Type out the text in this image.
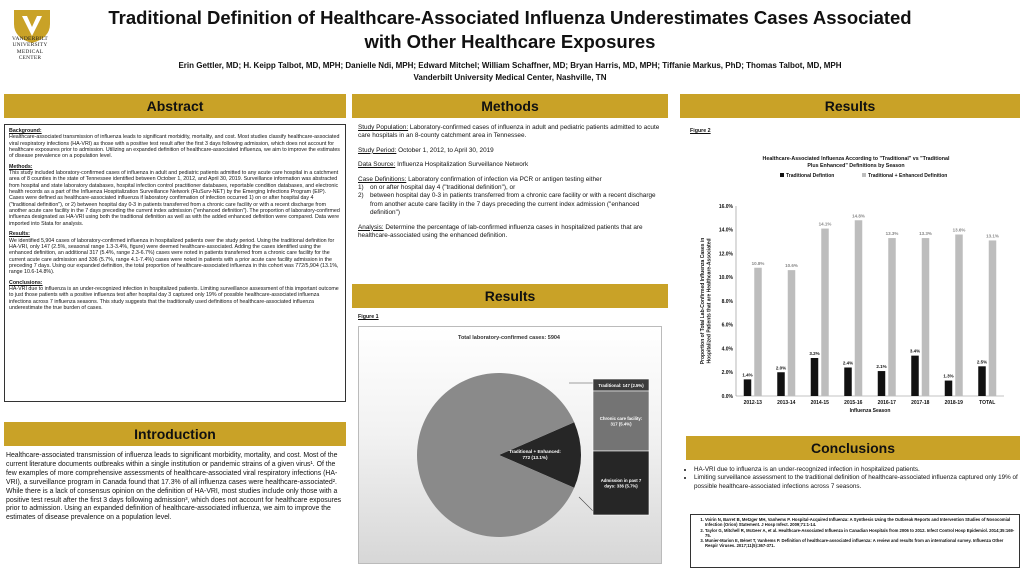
VANDERBILT
UNIVERSITY
MEDICAL
CENTER
Traditional Definition of Healthcare-Associated Influenza Underestimates Cases Associated
with Other Healthcare Exposures
Erin Gettler, MD; H. Keipp Talbot, MD, MPH; Danielle Ndi, MPH; Edward Mitchel; William Schaffner, MD; Bryan Harris, MD, MPH; Tiffanie Markus, PhD; Thomas Talbot, MD, MPH
Vanderbilt University Medical Center, Nashville, TN
Abstract	Methods	Results
Introduction
Results
Conclusions
Background:

Healthcare-associated transmission of influenza leads to significant morbidity, mortality, and cost. Most studies classify healthcare-associated viral respiratory infections (HA-VRI) as those with a positive test result after the first 3 days following admission, which does not account for healthcare exposures prior to admission. Utilizing an expanded definition of healthcare-associated influenza, we aim to improve the estimates of disease prevalence on a population level.

Methods:

This study included laboratory-confirmed cases of influenza in adult and pediatric patients admitted to any acute care hospital in a catchment area of 8 counties in the state of Tennessee identified between October 1, 2012, and April 30, 2019. Surveillance information was abstracted from hospital and state laboratory databases, hospital infection control practitioner databases, reportable condition databases, and electronic health records as a part of the Influenza Hospitalization Surveillance Network (FluSurv-NET) by the Emerging Infections Program (EIP). Cases were defined as healthcare-associated influenza if laboratory confirmation of infection occurred 1) on or after hospital day 4 ("traditional definition"), or 2) between hospital day 0-3 in patients transferred from a chronic care facility or with a recent discharge from another acute care facility in the 7 days preceding the current index admission ("enhanced definition"). The proportion of laboratory-confirmed influenza designated as HA-VRI using both the traditional definition as well as with the added enhanced definition were compared. Data were imported into Stata for analysis.

Results:

We identified 5,904 cases of laboratory-confirmed influenza in hospitalized patients over the study period. Using the traditional definition for HA-VRI, only 147 (2.5%, seasonal range 1.3-3.4%, figure) were deemed healthcare-associated. Adding the cases identified using the enhanced definition, an additional 317 (5.4%, range 2.3-6.7%) cases were noted in patients transferred from a chronic care facility for the current acute care admission and 336 (5.7%, range 4.1-7.4%) cases were noted in patients with a prior acute care facility admission in the preceding 7 days. Using our expanded definition, the total proportion of healthcare-associated influenza in this cohort was 772/5,904 (13.1%, range 10.6-14.8%).

Conclusions:

HA-VRI due to influenza is an under-recognized infection in hospitalized patients. Limiting surveillance assessment of this important outcome to just those patients with a positive influenza test after hospital day 3 captured only 19% of possible healthcare-associated influenza infections across 7 influenza seasons. This study suggests that the traditionally used definitions of healthcare-associated influenza underestimate the true burden of cases.

Healthcare-associated transmission of influenza leads to significant morbidity, mortality, and cost. Most of the current literature documents outbreaks within a single institution or pandemic strains of a given virus¹. Of the few examples of more comprehensive assessments of healthcare-associated viral respiratory infections (HA-VRI), a surveillance program in Canada found that 17.3% of all influenza cases were healthcare-associated². While there is a lack of consensus opinion on the definition of HA-VRI, most studies include only those with a positive test result after the first 3 days following admission³, which does not account for healthcare exposures prior to admission. Using an expanded definition of healthcare-associated influenza, we aim to improve the estimates of disease prevalence on a population level.
Study Population: Laboratory-confirmed cases of influenza in adult and pediatric patients admitted to acute care hospitals in an 8-county catchment area in Tennessee.
Study Period: October 1, 2012, to April 30, 2019
Data Source: Influenza Hospitalization Surveillance Network
Case Definitions: Laboratory confirmation of infection via PCR or antigen testing either
1) on or after hospital day 4 ("traditional definition"), or
2) between hospital day 0-3 in patients transferred from a chronic care facility or with a recent discharge from another acute care facility in the 7 days preceding the current index admission ("enhanced definition")
Analysis: Determine the percentage of lab-confirmed influenza cases in hospitalized patients that are healthcare-associated using the enhanced definition.
Figure 1
Total laboratory-confirmed cases: 5904
Traditional + Enhanced: 772 (13.1%)
Traditional: 147 (2.5%)
Chronic care facility: 317 (5.4%)
Admission in past 7 days: 336 (5.7%)
Figure 2
Healthcare-Associated Influenza According to "Traditional" vs "Traditional Plus Enhanced" Definitions by Season
Traditional Defintion	Traditional + Enhanced Definition
0.0%
2.0%
4.0%
6.0%
8.0%
10.0%
12.0%
14.0%
16.0%
Proportion of Total Lab-Confirmed Influenza Cases inHospitalized Patients that are Healthcare-Associated
1.4%
10.8%
2012-13
2.0%
10.6%
2013-14
3.2%
14.1%
2014-15
2.4%
14.8%
2015-16
2.1%
13.3%
2016-17
3.4%
13.3%
2017-18
1.3%
13.6%
2018-19
2.5%
13.1%
TOTAL
Influenza Season
• HA-VRI due to influenza is an under-recognized infection in hospitalized patients.
• Limiting surveillance assessment to the traditional definition of healthcare-associated influenza captured only 19% of possible healthcare-associated infections across 7 seasons.
1. Voirin N, Barret B, Metzger MH, Vanhems P. Hospital-Acquired Influenza: A Synthesis Using the Outbreak Reports and Intervention Studies of Nosocomial Infection (Orion) Statement. J Hosp Infect. 2009;71:1-14.
2. Taylor G, Mitchell R, McGeer A, et al. Healthcare-Associated Influenza in Canadian Hospitals from 2006 to 2012. Infect Control Hosp Epidemiol. 2014;35:169-75.
3. Munier-Marion E, Bénet T, Vanhems P. Definition of healthcare-associated influenza: A review and results from an international survey. Influenza Other Respir Viruses. 2017;11(5):367-371.
